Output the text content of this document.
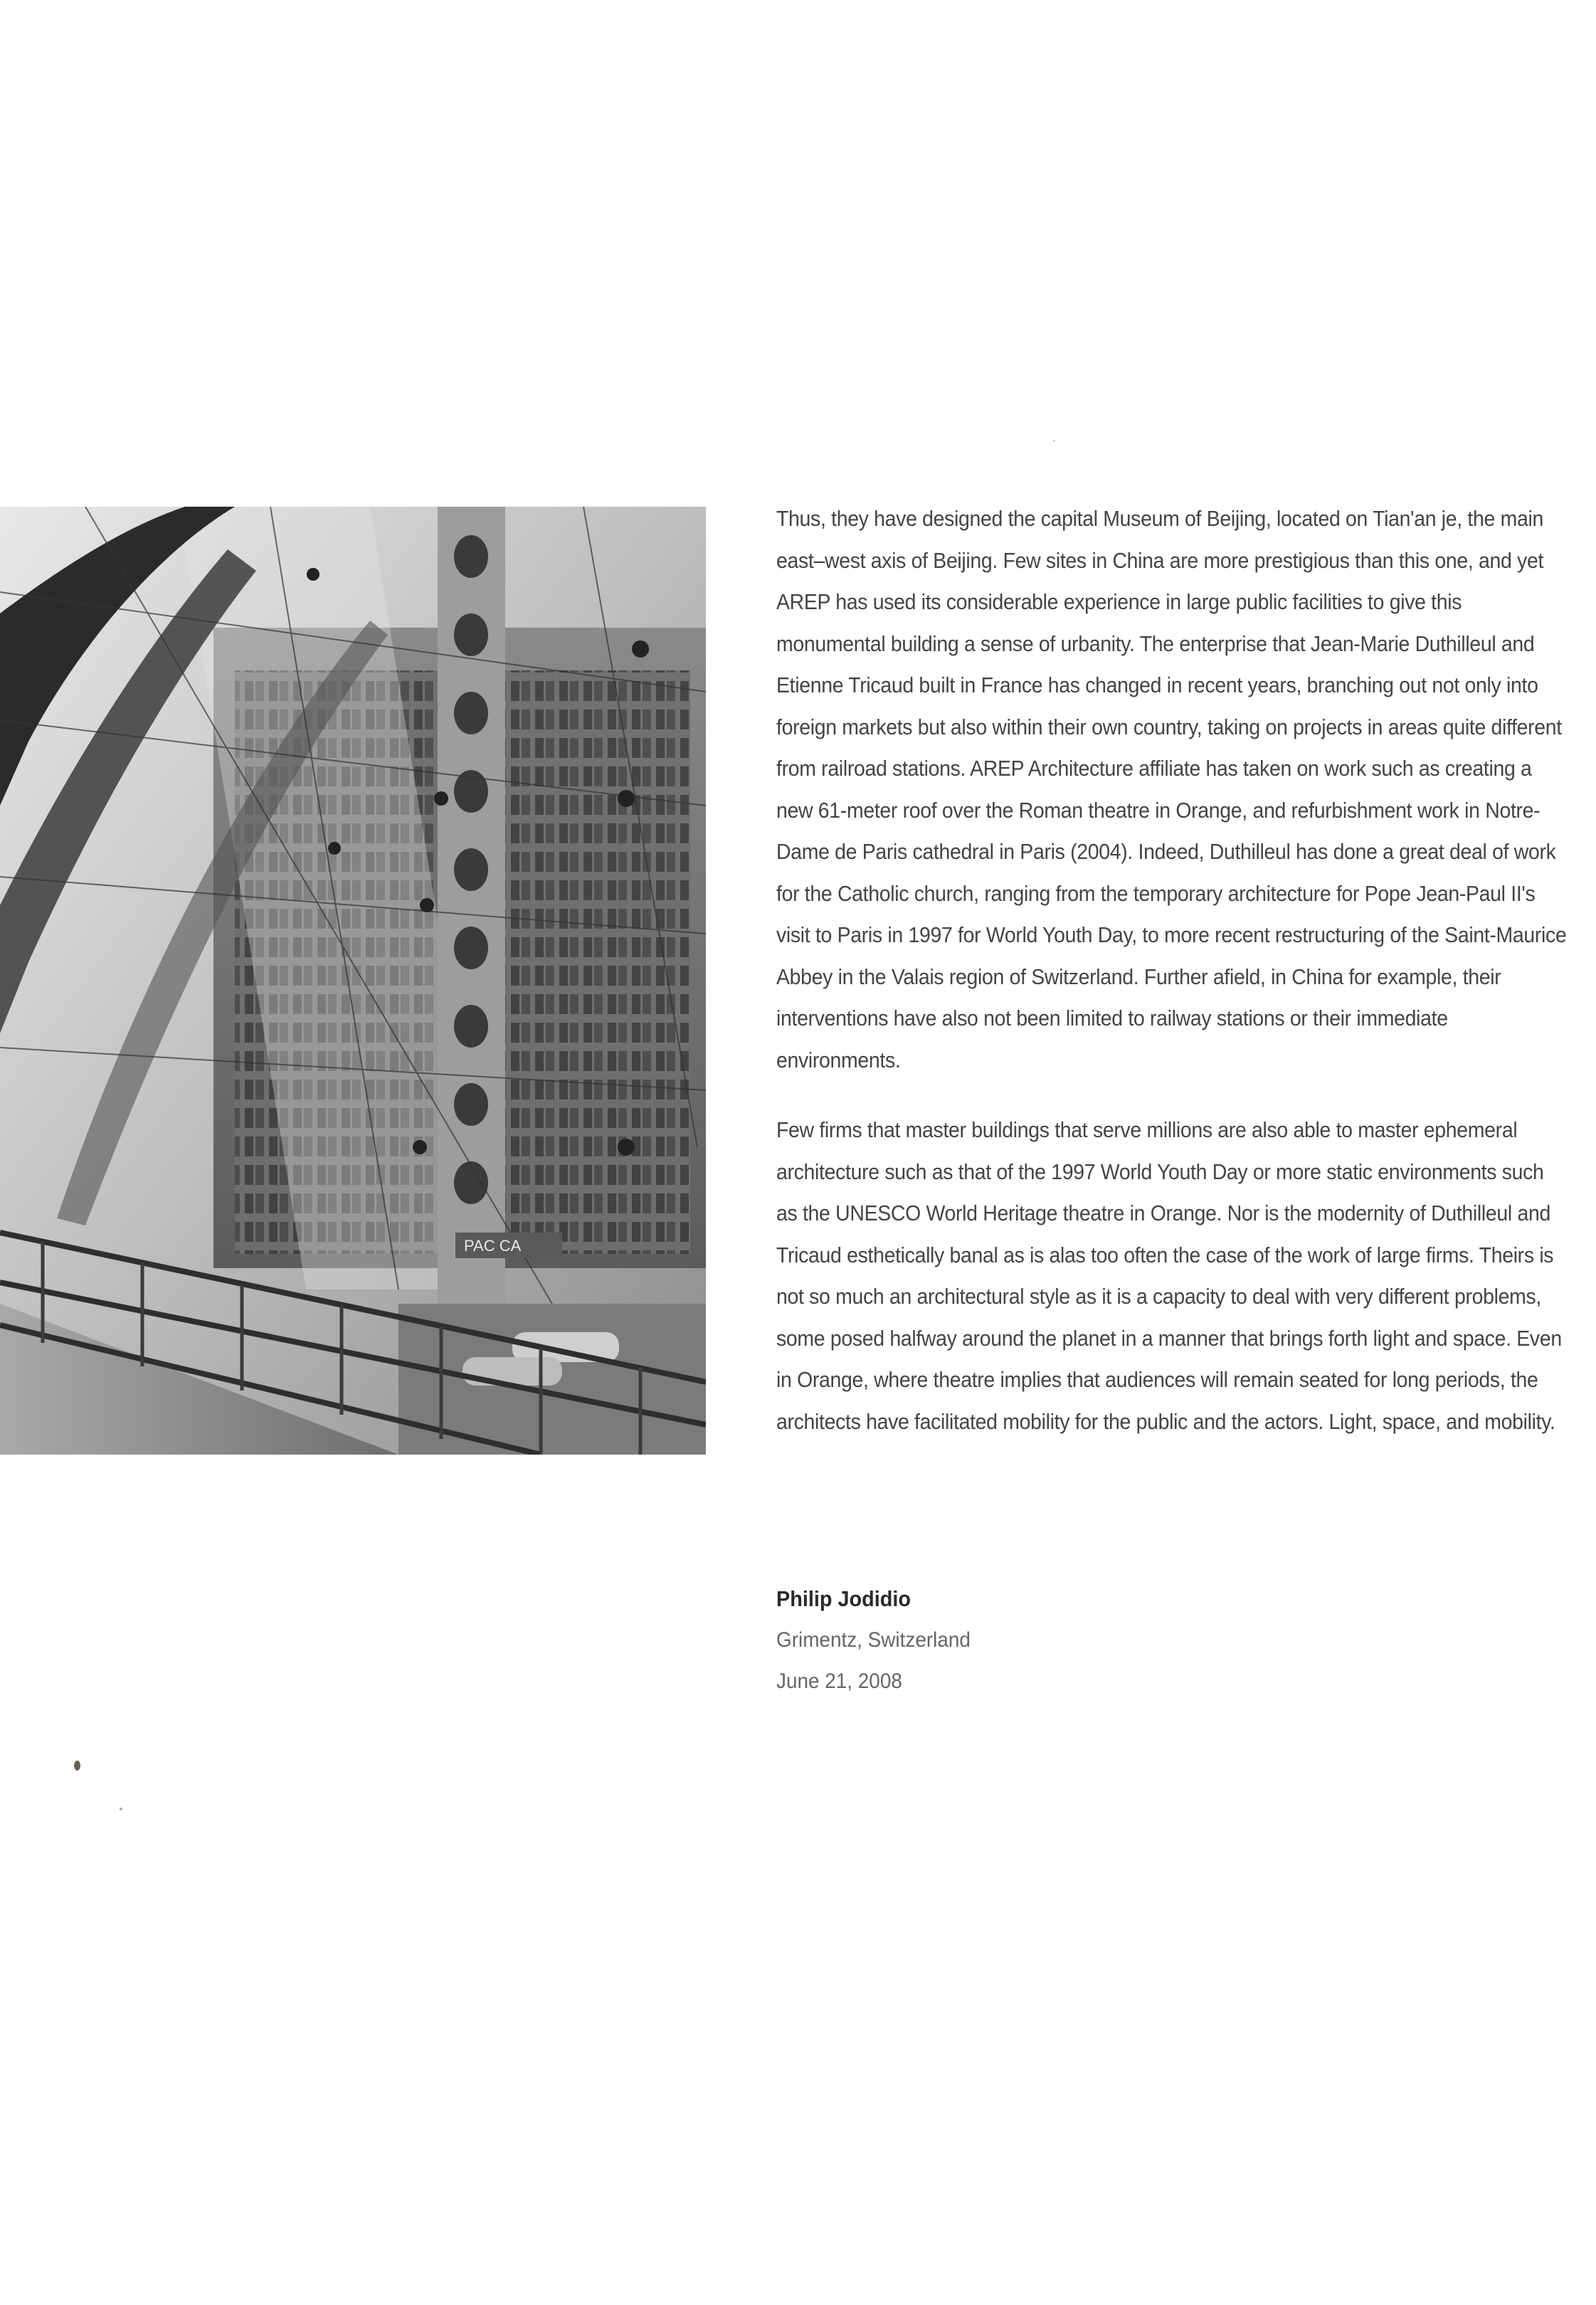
PAC CA

Thus, they have designed the capital Museum of Beijing, located on Tian'an je, the main east–west axis of Beijing. Few sites in China are more prestigious than this one, and yet AREP has used its considerable experience in large public facilities to give this monumental building a sense of urbanity. The enterprise that Jean-Marie Duthilleul and Etienne Tricaud built in France has changed in recent years, branching out not only into foreign markets but also within their own country, taking on projects in areas quite different from railroad stations. AREP Architecture affiliate has taken on work such as creating a new 61-meter roof over the Roman theatre in Orange, and refurbishment work in Notre-Dame de Paris cathedral in Paris (2004). Indeed, Duthilleul has done a great deal of work for the Catholic church, ranging from the temporary architecture for Pope Jean-Paul II's visit to Paris in 1997 for World Youth Day, to more recent restructuring of the Saint-Maurice Abbey in the Valais region of Switzerland. Further afield, in China for example, their interventions have also not been limited to railway stations or their immediate environments.

Few firms that master buildings that serve millions are also able to master ephemeral architecture such as that of the 1997 World Youth Day or more static environments such as the UNESCO World Heritage theatre in Orange. Nor is the modernity of Duthilleul and Tricaud esthetically banal as is alas too often the case of the work of large firms. Theirs is not so much an architectural style as it is a capacity to deal with very different problems, some posed halfway around the planet in a manner that brings forth light and space. Even in Orange, where theatre implies that audiences will remain seated for long periods, the architects have facilitated mobility for the public and the actors. Light, space, and mobility.

Philip Jodidio
Grimentz, Switzerland
June 21, 2008
